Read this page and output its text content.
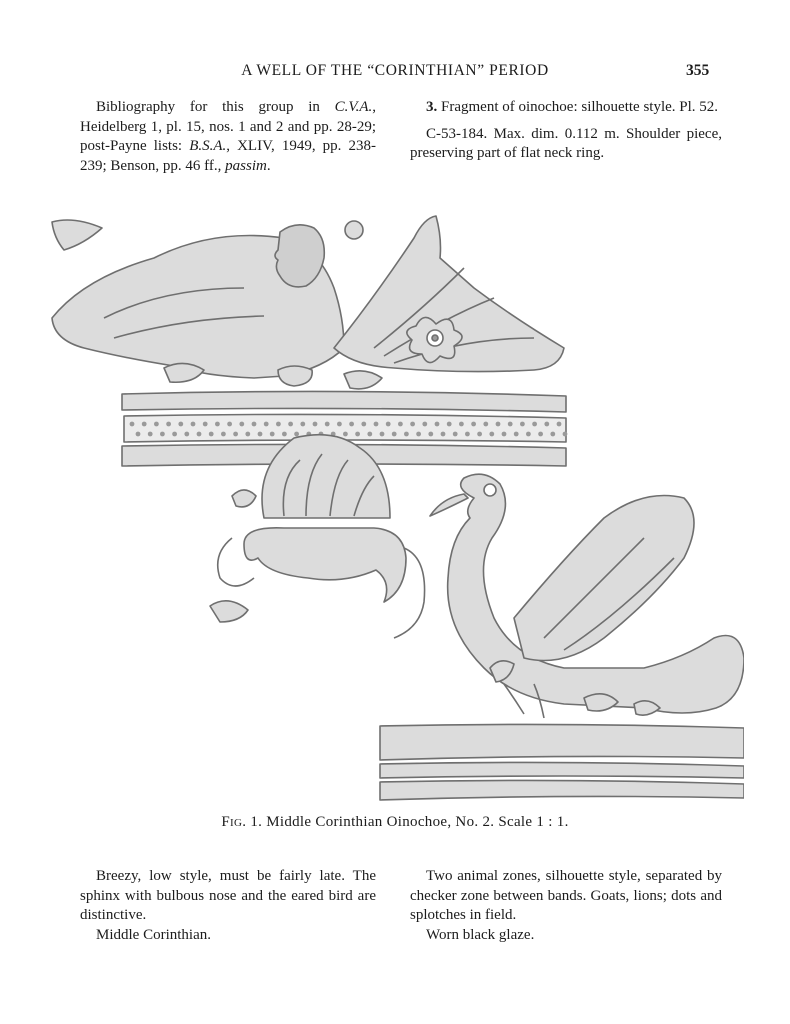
A WELL OF THE “CORINTHIAN” PERIOD	355

Bibliography for this group in C.V.A., Heidelberg 1, pl. 15, nos. 1 and 2 and pp. 28-29; post-Payne lists: B.S.A., XLIV, 1949, pp. 238-239; Benson, pp. 46 ff., passim.

3. Fragment of oinochoe: silhouette style. Pl. 52.

C-53-184. Max. dim. 0.112 m. Shoulder piece, preserving part of flat neck ring.

Fig. 1. Middle Corinthian Oinochoe, No. 2. Scale 1 : 1.

Breezy, low style, must be fairly late. The sphinx with bulbous nose and the eared bird are distinctive.

Middle Corinthian.

Two animal zones, silhouette style, separated by checker zone between bands. Goats, lions; dots and splotches in field.

Worn black glaze.
